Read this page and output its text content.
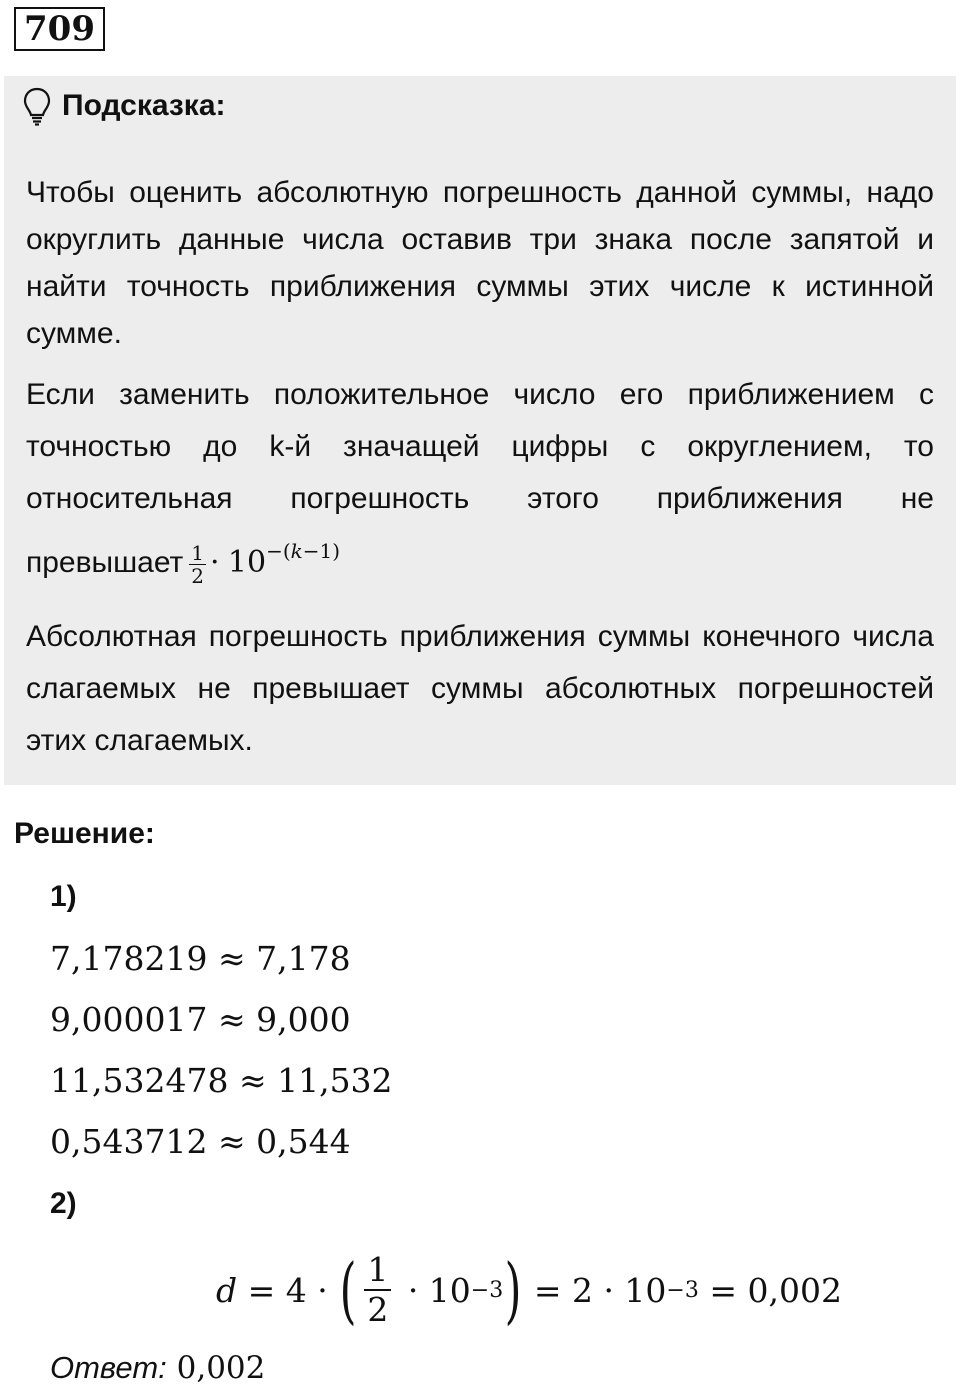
709
Подсказка:

Чтобы оценить абсолютную погрешность данной суммы, надо округлить данные числа оставив три знака после запятой и найти точность приближения суммы этих числе к истинной сумме.

Если заменить положительное число его приближением с точностью до k-й значащей цифры с округлением, то относительная погрешность этого приближения не
превышает $\frac{1}{2} \cdot 10^{-(𝑘-1)}$

Абсолютная погрешность приближения суммы конечного числа слагаемых не превышает суммы абсолютных погрешностей этих слагаемых.

Решение:
1)
7,178219 ≈ 7,178
9,000017 ≈ 9,000
11,532478 ≈ 11,532
0,543712 ≈ 0,544
2)
d = 4 · ( $\frac{1}{2} \cdot 10 -3$ ) = 2 · 10 −3 = 0,002
Ответ: 0,002
